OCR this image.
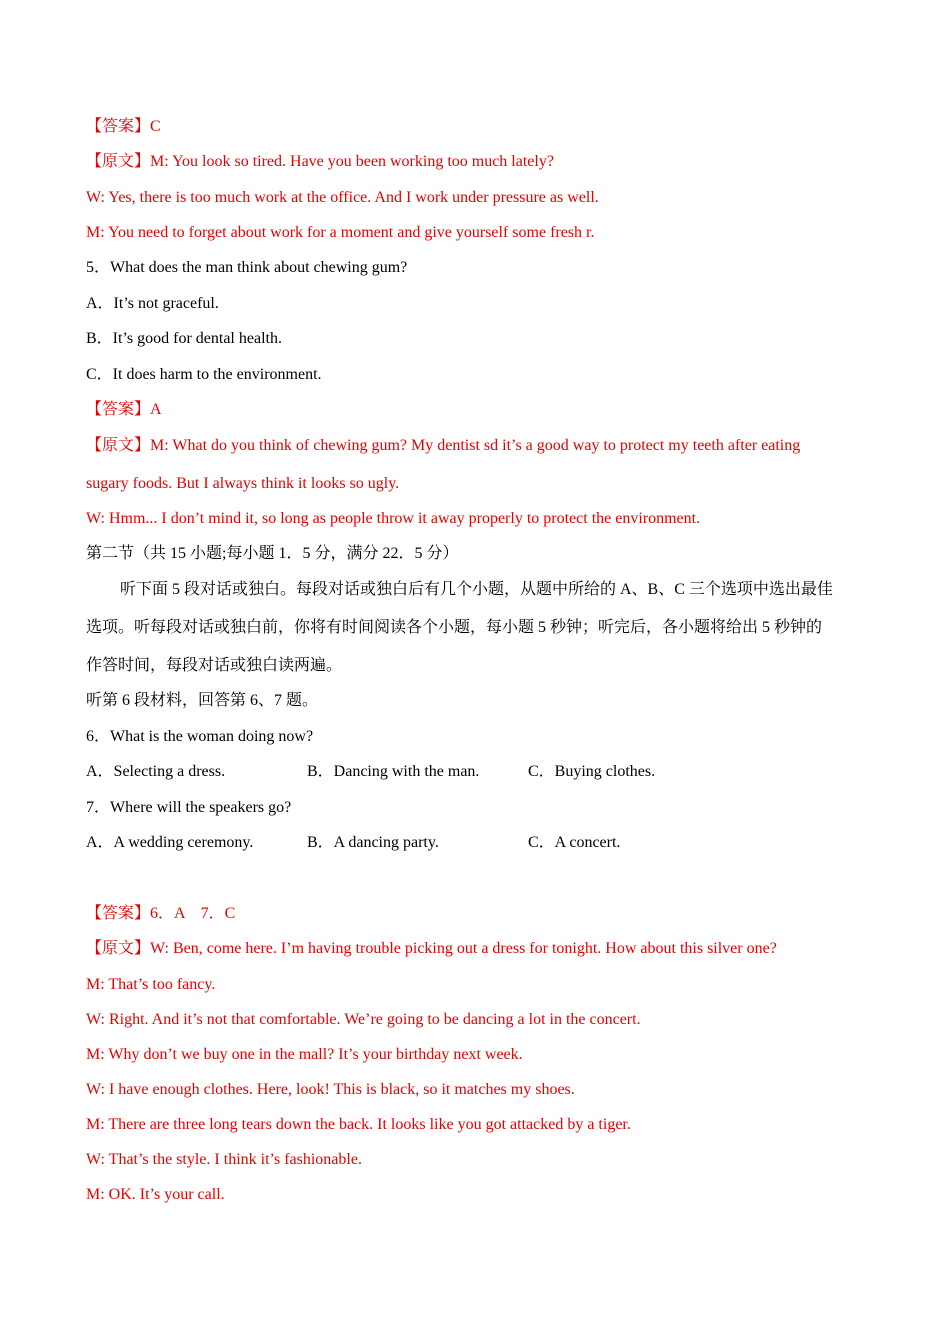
【答案】C
【原文】M: You look so tired. Have you been working too much lately?
W: Yes, there is too much work at the office. And I work under pressure as well.
M: You need to forget about work for a moment and give yourself some fresh r.
5．What does the man think about chewing gum?
A．It’s not graceful.
B．It’s good for dental health.
C．It does harm to the environment.
【答案】A
【原文】M: What do you think of chewing gum? My dentist sd it’s a good way to protect my teeth after eating
sugary foods. But I always think it looks so ugly.
W: Hmm... I don’t mind it, so long as people throw it away properly to protect the environment.
第二节（共 15 小题;每小题 1．5 分，满分 22．5 分）
听下面 5 段对话或独白。每段对话或独白后有几个小题，从题中所给的 A、B、C 三个选项中选出最佳
选项。听每段对话或独白前，你将有时间阅读各个小题，每小题 5 秒钟；听完后，各小题将给出 5 秒钟的
作答时间，每段对话或独白读两遍。
听第 6 段材料，回答第 6、7 题。
6．What is the woman doing now?
A．Selecting a dress.	B．Dancing with the man.	C．Buying clothes.
7．Where will the speakers go?
A．A wedding ceremony.	B．A dancing party.	C．A concert.
【答案】6．A　7．C
【原文】W: Ben, come here. I’m having trouble picking out a dress for tonight. How about this silver one?
M: That’s too fancy.
W: Right. And it’s not that comfortable. We’re going to be dancing a lot in the concert.
M: Why don’t we buy one in the mall? It’s your birthday next week.
W: I have enough clothes. Here, look! This is black, so it matches my shoes.
M: There are three long tears down the back. It looks like you got attacked by a tiger.
W: That’s the style. I think it’s fashionable.
M: OK. It’s your call.
